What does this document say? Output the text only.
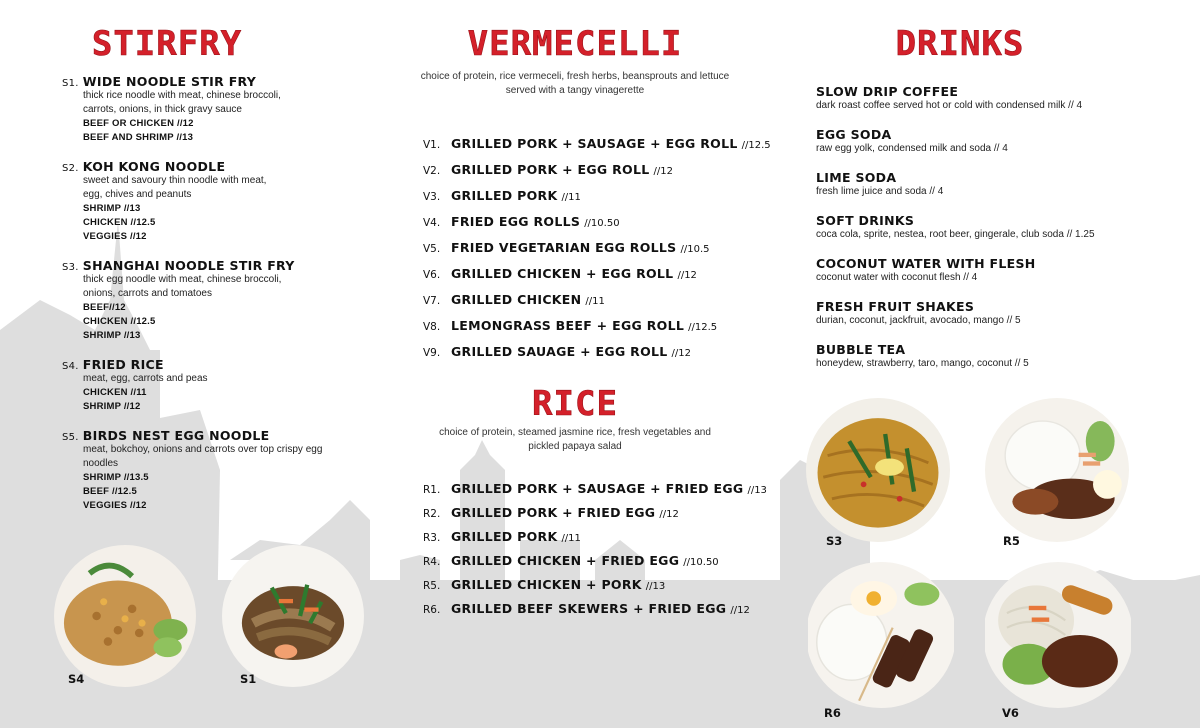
STIRFRY
S1. WIDE NOODLE STIR FRY
thick rice noodle with meat, chinese broccoli,
carrots, onions, in thick gravy sauce
BEEF OR CHICKEN //12
BEEF AND SHRIMP //13
S2. KOH KONG NOODLE
sweet and savoury thin noodle with meat,
egg, chives and peanuts
SHRIMP //13
CHICKEN //12.5
VEGGIES //12
S3. SHANGHAI NOODLE STIR FRY
thick egg noodle with meat, chinese broccoli,
onions, carrots and tomatoes
BEEF//12
CHICKEN //12.5
SHRIMP //13
S4. FRIED RICE
meat, egg, carrots and peas
CHICKEN //11
SHRIMP //12
S5. BIRDS NEST EGG NOODLE
meat, bokchoy, onions and carrots over top crispy egg
noodles
SHRIMP //13.5
BEEF //12.5
VEGGIES //12
VERMECELLI
choice of protein, rice vermeceli, fresh herbs, beansprouts and lettuce
served with a tangy vinagerette
V1. GRILLED PORK + SAUSAGE + EGG ROLL //12.5
V2. GRILLED PORK + EGG ROLL //12
V3. GRILLED PORK //11
V4. FRIED EGG ROLLS //10.50
V5. FRIED VEGETARIAN EGG ROLLS //10.5
V6. GRILLED CHICKEN + EGG ROLL //12
V7. GRILLED CHICKEN //11
V8. LEMONGRASS BEEF + EGG ROLL //12.5
V9. GRILLED SAUAGE + EGG ROLL //12
RICE
choice of protein, steamed jasmine rice, fresh vegetables and
pickled papaya salad
R1. GRILLED PORK + SAUSAGE + FRIED EGG //13
R2. GRILLED PORK + FRIED EGG //12
R3. GRILLED PORK //11
R4. GRILLED CHICKEN + FRIED EGG //10.50
R5. GRILLED CHICKEN + PORK //13
R6. GRILLED BEEF SKEWERS + FRIED EGG //12
DRINKS
SLOW DRIP COFFEE
dark roast coffee served hot or cold with condensed milk // 4
EGG SODA
raw egg yolk, condensed milk and soda // 4
LIME SODA
fresh lime juice and soda // 4
SOFT DRINKS
coca cola, sprite, nestea, root beer, gingerale, club soda // 1.25
COCONUT WATER WITH FLESH
coconut water with coconut flesh // 4
FRESH FRUIT SHAKES
durian, coconut, jackfruit, avocado, mango // 5
BUBBLE TEA
honeydew, strawberry, taro, mango, coconut // 5
S4	S1
S3	R5
R6	V6
